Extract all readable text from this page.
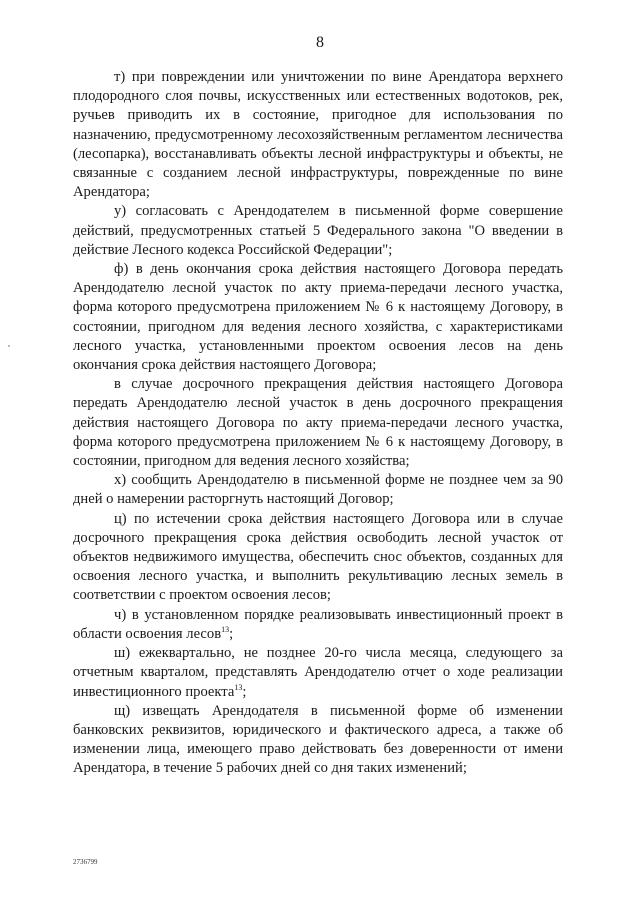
8

т) при повреждении или уничтожении по вине Арендатора верхнего плодородного слоя почвы, искусственных или естественных водотоков, рек, ручьев приводить их в состояние, пригодное для использования по назначению, предусмотренному лесохозяйственным регламентом лесничества (лесопарка), восстанавливать объекты лесной инфраструктуры и объекты, не связанные с созданием лесной инфраструктуры, поврежденные по вине Арендатора;

у) согласовать с Арендодателем в письменной форме совершение действий, предусмотренных статьей 5 Федерального закона "О введении в действие Лесного кодекса Российской Федерации";

ф) в день окончания срока действия настоящего Договора передать Арендодателю лесной участок по акту приема-передачи лесного участка, форма которого предусмотрена приложением № 6 к настоящему Договору, в состоянии, пригодном для ведения лесного хозяйства, с характеристиками лесного участка, установленными проектом освоения лесов на день окончания срока действия настоящего Договора;

в случае досрочного прекращения действия настоящего Договора передать Арендодателю лесной участок в день досрочного прекращения действия настоящего Договора по акту приема-передачи лесного участка, форма которого предусмотрена приложением № 6 к настоящему Договору, в состоянии, пригодном для ведения лесного хозяйства;

х) сообщить Арендодателю в письменной форме не позднее чем за 90 дней о намерении расторгнуть настоящий Договор;

ц) по истечении срока действия настоящего Договора или в случае досрочного прекращения срока действия освободить лесной участок от объектов недвижимого имущества, обеспечить снос объектов, созданных для освоения лесного участка, и выполнить рекультивацию лесных земель в соответствии с проектом освоения лесов;

ч) в установленном порядке реализовывать инвестиционный проект в области освоения лесов$^{13}$;

ш) ежеквартально, не позднее 20-го числа месяца, следующего за отчетным кварталом, представлять Арендодателю отчет о ходе реализации инвестиционного проекта$^{13}$;

щ) извещать Арендодателя в письменной форме об изменении банковских реквизитов, юридического и фактического адреса, а также об изменении лица, имеющего право действовать без доверенности от имени Арендатора, в течение 5 рабочих дней со дня таких изменений;

2736799
